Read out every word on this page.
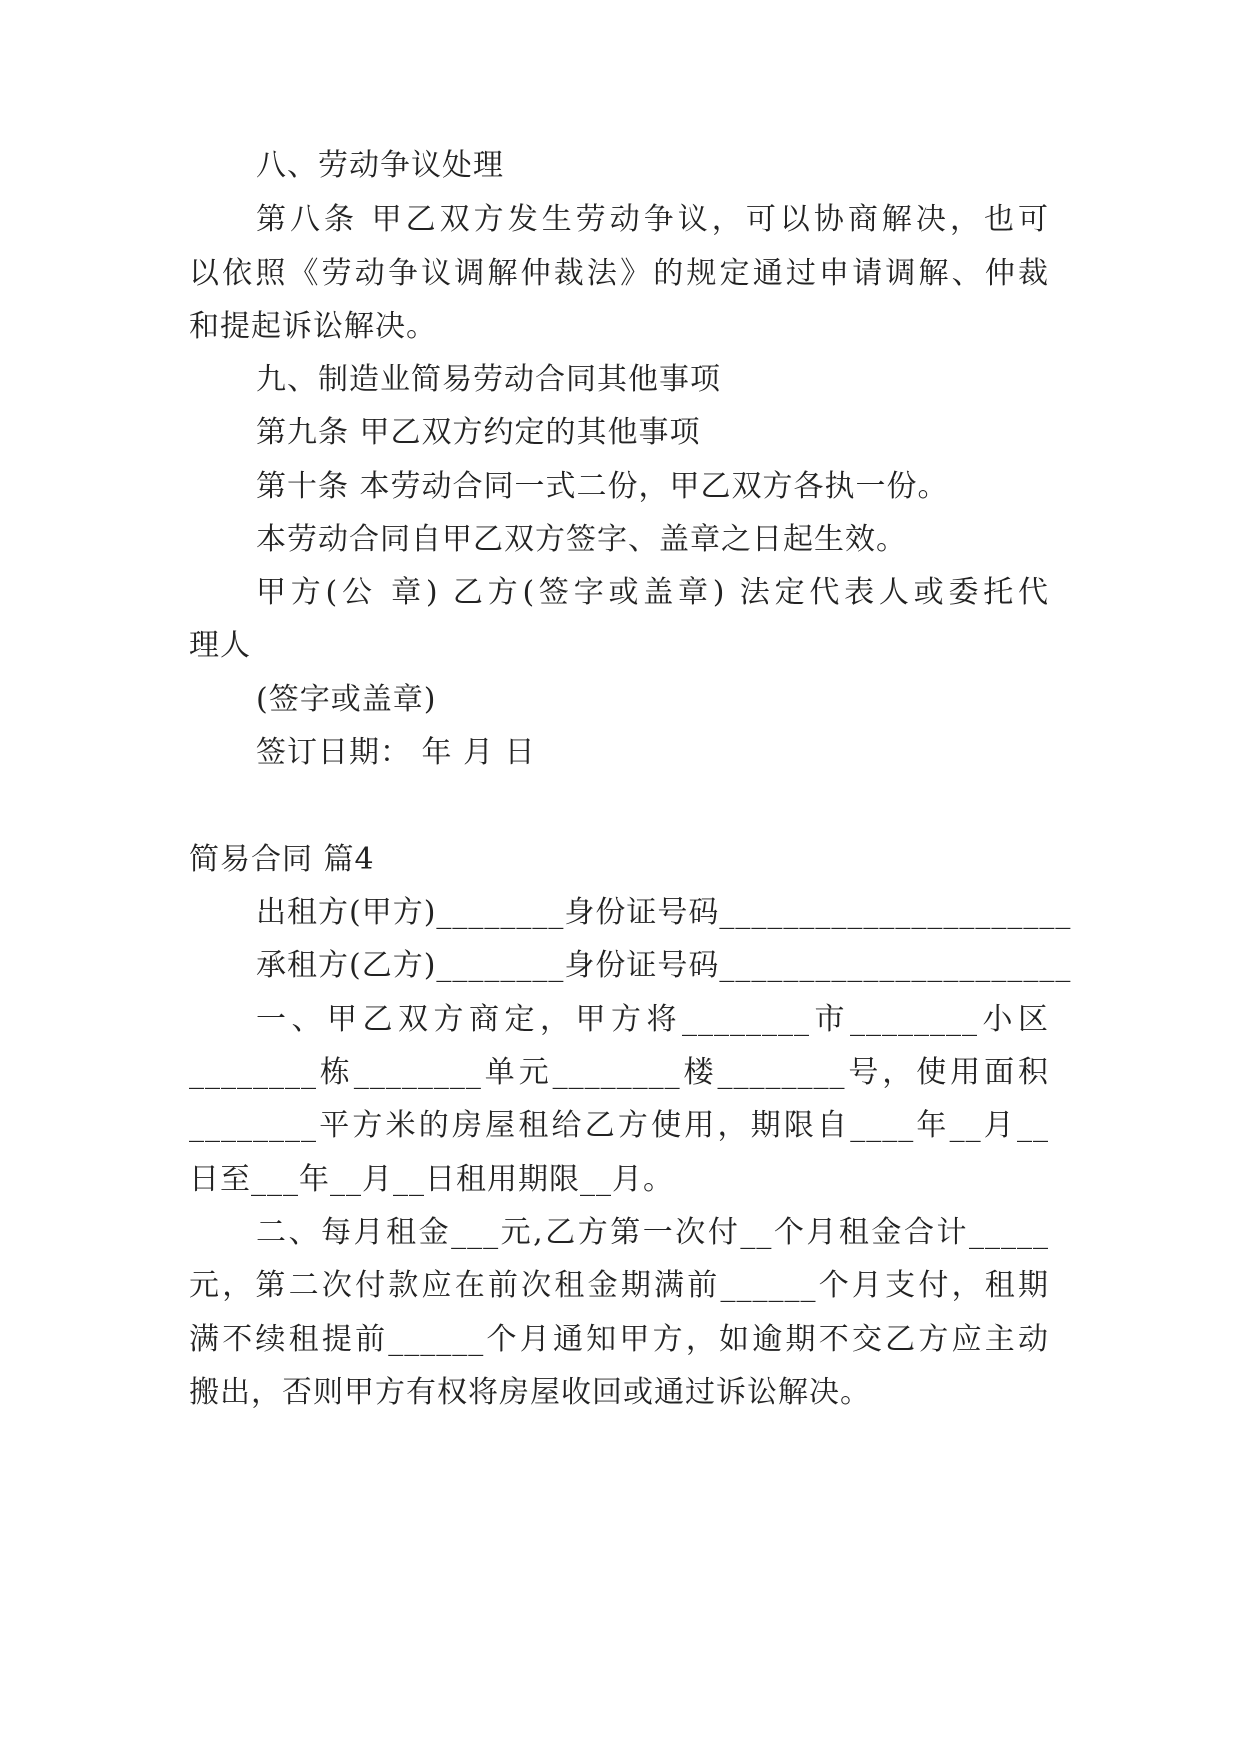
八、劳动争议处理
第八条 甲乙双方发生劳动争议，可以协商解决，也可
以依照《劳动争议调解仲裁法》的规定通过申请调解、仲裁
和提起诉讼解决。
九、制造业简易劳动合同其他事项
第九条 甲乙双方约定的其他事项
第十条 本劳动合同一式二份，甲乙双方各执一份。
本劳动合同自甲乙双方签字、盖章之日起生效。
甲方(公 章) 乙方(签字或盖章) 法定代表人或委托代
理人
(签字或盖章)
签订日期： 年 月 日
简易合同 篇4
出租方(甲方)________身份证号码______________________
承租方(乙方)________身份证号码______________________
一、甲乙双方商定，甲方将________市________小区
________栋________单元________楼________号，使用面积
________平方米的房屋租给乙方使用，期限自____年__月__
日至___年__月__日租用期限__月。
二、每月租金___元,乙方第一次付__个月租金合计_____
元，第二次付款应在前次租金期满前______个月支付，租期
满不续租提前______个月通知甲方，如逾期不交乙方应主动
搬出，否则甲方有权将房屋收回或通过诉讼解决。
